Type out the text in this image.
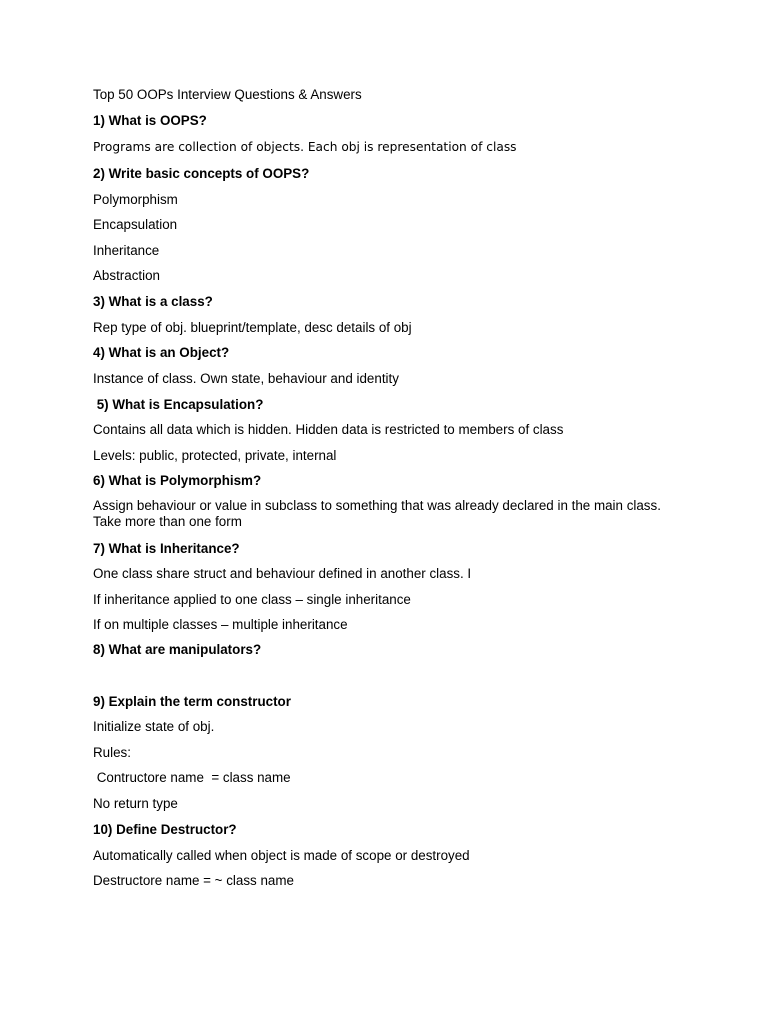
Top 50 OOPs Interview Questions & Answers
1) What is OOPS?
Programs are collection of objects. Each obj is representation of class
2) Write basic concepts of OOPS?
Polymorphism
Encapsulation
Inheritance
Abstraction
3) What is a class?
Rep type of obj. blueprint/template, desc details of obj
4) What is an Object?
Instance of class. Own state, behaviour and identity
5) What is Encapsulation?
Contains all data which is hidden. Hidden data is restricted to members of class
Levels: public, protected, private, internal
6) What is Polymorphism?
Assign behaviour or value in subclass to something that was already declared in the main class. Take more than one form
7) What is Inheritance?
One class share struct and behaviour defined in another class. I
If inheritance applied to one class – single inheritance
If on multiple classes – multiple inheritance
8) What are manipulators?
9) Explain the term constructor
Initialize state of obj.
Rules:
Contructore name  = class name
No return type
10) Define Destructor?
Automatically called when object is made of scope or destroyed
Destructore name = ~ class name
